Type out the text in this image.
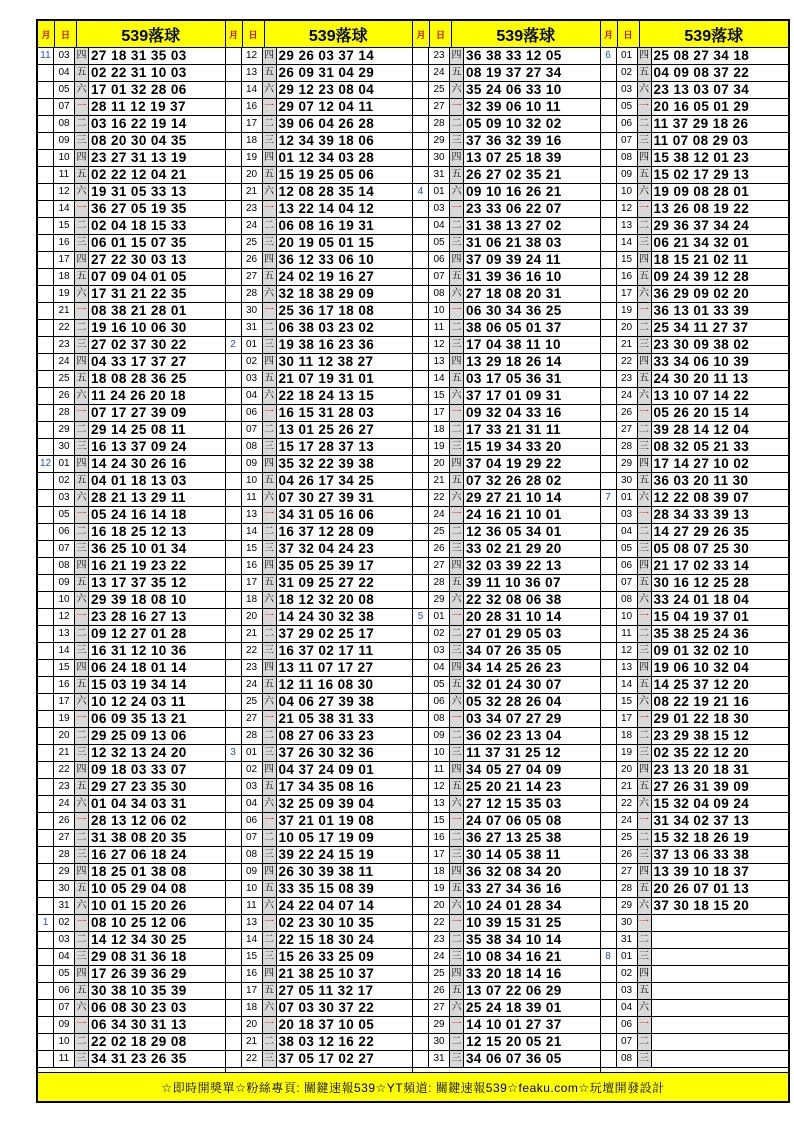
月	日	539落球
11 03 四 27 18 31 35 03
04 五 02 22 31 10 03
05 六 17 01 32 28 06
07 一 28 11 12 19 37
08 二 03 16 22 19 14
09 三 08 20 30 04 35
10 四 23 27 31 13 19
11 五 02 22 12 04 21
12 六 19 31 05 33 13
14 一 36 27 05 19 35
15 二 02 04 18 15 33
16 三 06 01 15 07 35
17 四 27 22 30 03 13
18 五 07 09 04 01 05
19 六 17 31 21 22 35
21 一 08 38 21 28 01
22 二 19 16 10 06 30
23 三 27 02 37 30 22
24 四 04 33 17 37 27
25 五 18 08 28 36 25
26 六 11 24 26 20 18
28 一 07 17 27 39 09
29 二 29 14 25 08 11
30 三 16 13 37 09 24
12 01 四 14 24 30 26 16
02 五 04 01 18 13 03
03 六 28 21 13 29 11
05 一 05 24 16 14 18
06 二 16 18 25 12 13
07 三 36 25 10 01 34
08 四 16 21 19 23 22
09 五 13 17 37 35 12
10 六 29 39 18 08 10
12 一 23 28 16 27 13
13 二 09 12 27 01 28
14 三 16 31 12 10 36
15 四 06 24 18 01 14
16 五 15 03 19 34 14
17 六 10 12 24 03 11
19 一 06 09 35 13 21
20 二 29 25 09 13 06
21 三 12 32 13 24 20
22 四 09 18 03 33 07
23 五 29 27 23 35 30
24 六 01 04 34 03 31
26 一 28 13 12 06 02
27 二 31 38 08 20 35
28 三 16 27 06 18 24
29 四 18 25 01 38 08
30 五 10 05 29 04 08
31 六 10 01 15 20 26
1	02 一 08 10 25 12 06
03 二 14 12 34 30 25
04 三 29 08 31 36 18
05 四 17 26 39 36 29
06 五 30 38 10 35 39
07 六 06 08 30 23 03
09 一 06 34 30 31 13
10 二 22 02 18 29 08
11 三 34 31 23 26 35
月	日	539落球
12 四 29 26 03 37 14
13 五 26 09 31 04 29
14 六 29 12 23 08 04
16 一 29 07 12 04 11
17 二 39 06 04 26 28
18 三 12 34 39 18 06
19 四 01 12 34 03 28
20 五 15 19 25 05 06
21 六 12 08 28 35 14
23 一 13 22 14 04 12
24 二 06 08 16 19 31
25 三 20 19 05 01 15
26 四 36 12 33 06 10
27 五 24 02 19 16 27
28 六 32 18 38 29 09
30 一 25 36 17 18 08
31 二 06 38 03 23 02
2	01 三 19 38 16 23 36
02 四 30 11 12 38 27
03 五 21 07 19 31 01
04 六 22 18 24 13 15
06 一 16 15 31 28 03
07 二 13 01 25 26 27
08 三 15 17 28 37 13
09 四 35 32 22 39 38
10 五 04 26 17 34 25
11 六 07 30 27 39 31
13 一 34 31 05 16 06
14 二 16 37 12 28 09
15 三 37 32 04 24 23
16 四 35 05 25 39 17
17 五 31 09 25 27 22
18 六 18 12 32 20 08
20 一 14 24 30 32 38
21 二 37 29 02 25 17
22 三 16 37 02 17 11
23 四 13 11 07 17 27
24 五 12 11 16 08 30
25 六 04 06 27 39 38
27 一 21 05 38 31 33
28 二 08 27 06 33 23
3	01 三 37 26 30 32 36
02 四 04 37 24 09 01
03 五 17 34 35 08 16
04 六 32 25 09 39 04
06 一 37 21 01 19 08
07 二 10 05 17 19 09
08 三 39 22 24 15 19
09 四 26 30 39 38 11
10 五 33 35 15 08 39
11 六 24 22 04 07 14
13 一 02 23 30 10 35
14 二 22 15 18 30 24
15 三 15 26 33 25 09
16 四 21 38 25 10 37
17 五 27 05 11 32 17
18 六 07 03 30 37 22
20 一 20 18 37 10 05
21 二 38 03 12 16 22
22 三 37 05 17 02 27
月	日	539落球
23 四 36 38 33 12 05
24 五 08 19 37 27 34
25 六 35 24 06 33 10
27 一 32 39 06 10 11
28 二 05 09 10 32 02
29 三 37 36 32 39 16
30 四 13 07 25 18 39
31 五 26 27 02 35 21
4	01 六 09 10 16 26 21
03 一 23 33 06 22 07
04 二 31 38 13 27 02
05 三 31 06 21 38 03
06 四 37 09 39 24 11
07 五 31 39 36 16 10
08 六 27 18 08 20 31
10 一 06 30 34 36 25
11 二 38 06 05 01 37
12 三 17 04 38 11 10
13 四 13 29 18 26 14
14 五 03 17 05 36 31
15 六 37 17 01 09 31
17 一 09 32 04 33 16
18 二 17 33 21 31 11
19 三 15 19 34 33 20
20 四 37 04 19 29 22
21 五 07 32 26 28 02
22 六 29 27 21 10 14
24 一 24 16 21 10 01
25 二 12 36 05 34 01
26 三 33 02 21 29 20
27 四 32 03 39 22 13
28 五 39 11 10 36 07
29 六 22 32 08 06 38
5	01 一 20 28 31 10 14
02 二 27 01 29 05 03
03 三 34 07 26 35 05
04 四 34 14 25 26 23
05 五 32 01 24 30 07
06 六 05 32 28 26 04
08 一 03 34 07 27 29
09 二 36 02 23 13 04
10 三 11 37 31 25 12
11 四 34 05 27 04 09
12 五 25 20 21 14 23
13 六 27 12 15 35 03
15 一 24 07 06 05 08
16 二 36 27 13 25 38
17 三 30 14 05 38 11
18 四 36 32 08 34 20
19 五 33 27 34 36 16
20 六 10 24 01 28 34
22 一 10 39 15 31 25
23 二 35 38 34 10 14
24 三 10 08 34 16 21
25 四 33 20 18 14 16
26 五 13 07 22 06 29
27 六 25 24 18 39 01
29 一 14 10 01 27 37
30 二 12 15 20 05 21
31 三 34 06 07 36 05
月	日	539落球
6	01 四 25 08 27 34 18
02 五 04 09 08 37 22
03 六 23 13 03 07 34
05 一 20 16 05 01 29
06 二 11 37 29 18 26
07 三 11 07 08 29 03
08 四 15 38 12 01 23
09 五 15 02 17 29 13
10 六 19 09 08 28 01
12 一 13 26 08 19 22
13 二 29 36 37 34 24
14 三 06 21 34 32 01
15 四 18 15 21 02 11
16 五 09 24 39 12 28
17 六 36 29 09 02 20
19 一 36 13 01 33 39
20 二 25 34 11 27 37
21 三 23 30 09 38 02
22 四 33 34 06 10 39
23 五 24 30 20 11 13
24 六 13 10 07 14 22
26 一 05 26 20 15 14
27 二 39 28 14 12 04
28 三 08 32 05 21 33
29 四 17 14 27 10 02
30 五 36 03 20 11 30
7	01 六 12 22 08 39 07
03 一 28 34 33 39 13
04 二 14 27 29 26 35
05 三 05 08 07 25 30
06 四 21 17 02 33 14
07 五 30 16 12 25 28
08 六 33 24 01 18 04
10 一 15 04 19 37 01
11 二 35 38 25 24 36
12 三 09 01 32 02 10
13 四 19 06 10 32 04
14 五 14 25 37 12 20
15 六 08 22 19 21 16
17 一 29 01 22 18 30
18 二 23 29 38 15 12
19 三 02 35 22 12 20
20 四 23 13 20 18 31
21 五 27 26 31 39 09
22 六 15 32 04 09 24
24 一 31 34 02 37 13
25 二 15 32 18 26 19
26 三 37 13 06 33 38
27 四 13 39 10 18 37
28 五 20 26 07 01 13
29 六 37 30 18 15 20
30 一
31 二
8	01 三
02 四
03 五
04 六
06 一
07 二
08 三
☆即時開獎單☆粉絲專頁: 關鍵速報539☆YT頻道: 關鍵速報539☆feaku.com☆玩壇開發設計
